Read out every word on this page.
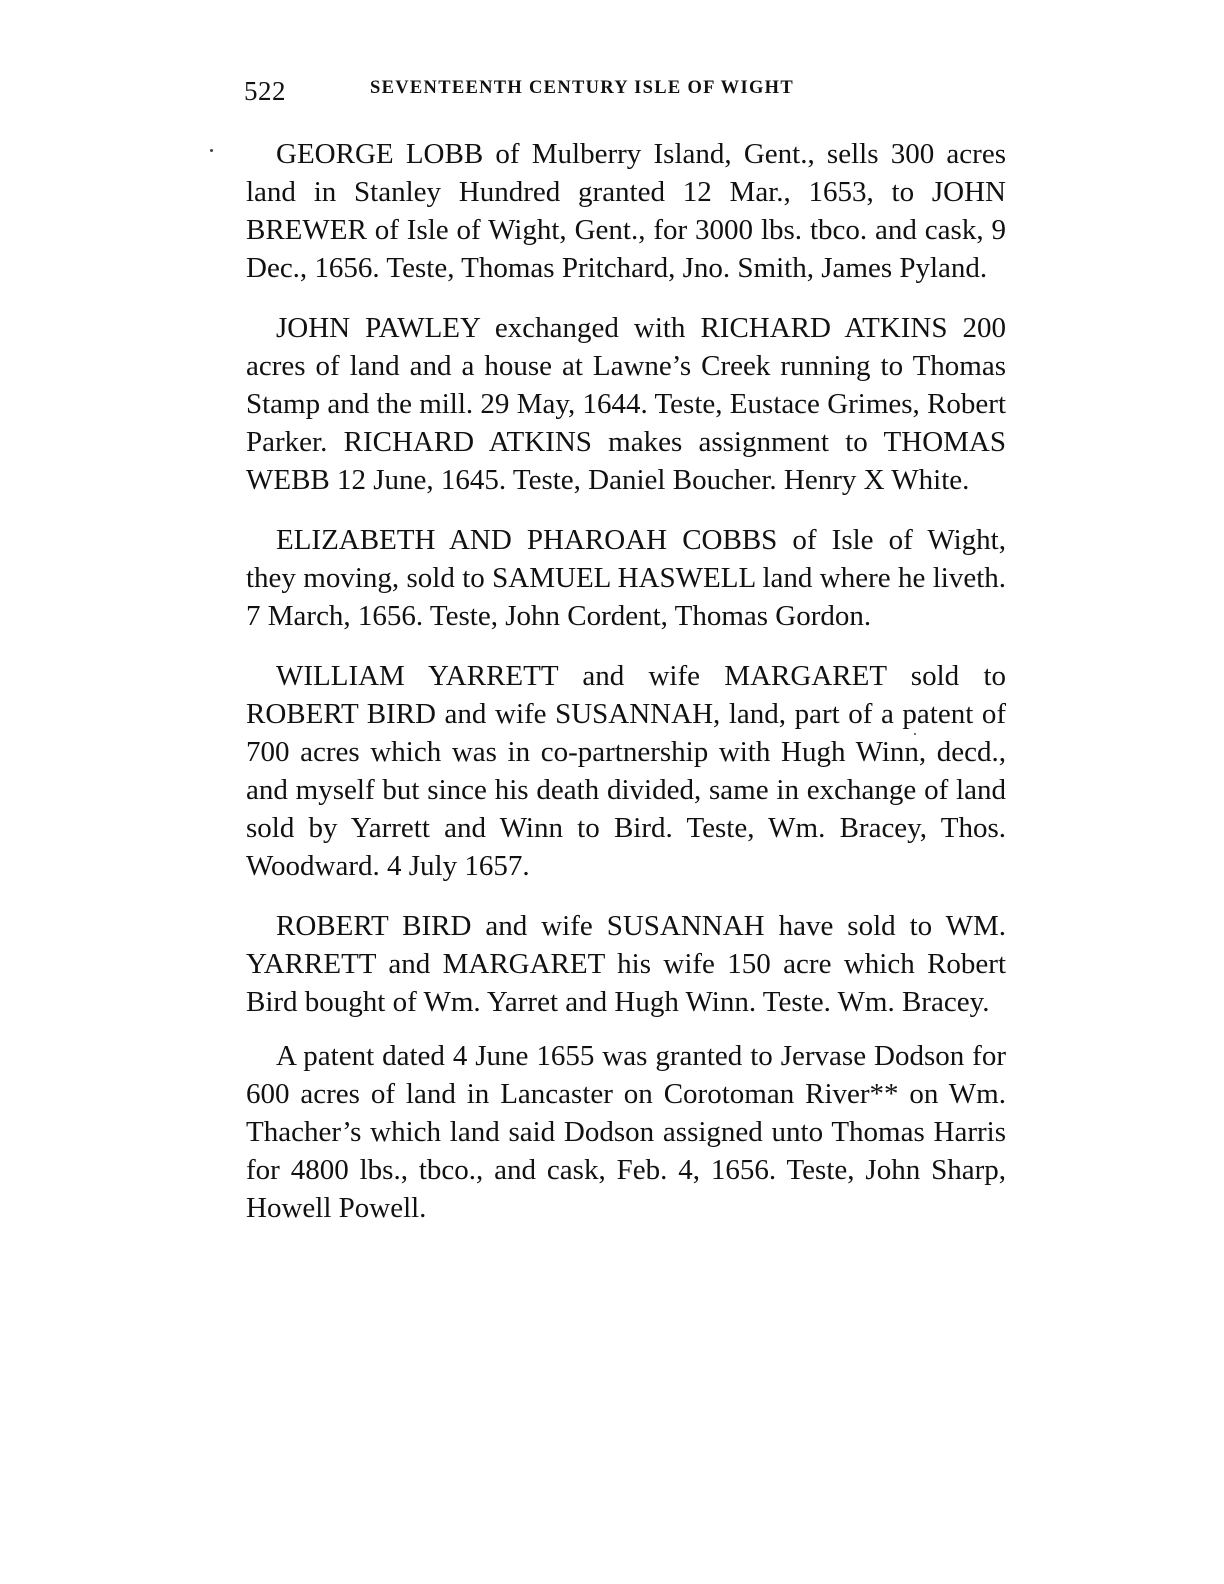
522	SEVENTEENTH CENTURY ISLE OF WIGHT

GEORGE LOBB of Mulberry Island, Gent., sells 300 acres land in Stanley Hundred granted 12 Mar., 1653, to JOHN BREWER of Isle of Wight, Gent., for 3000 lbs. tbco. and cask, 9 Dec., 1656. Teste, Thomas Pritchard, Jno. Smith, James Pyland.

JOHN PAWLEY exchanged with RICHARD ATKINS 200 acres of land and a house at Lawne’s Creek running to Thomas Stamp and the mill. 29 May, 1644. Teste, Eustace Grimes, Robert Parker. RICHARD ATKINS makes assignment to THOMAS WEBB 12 June, 1645. Teste, Daniel Boucher. Henry X White.

ELIZABETH AND PHAROAH COBBS of Isle of Wight, they moving, sold to SAMUEL HASWELL land where he liveth. 7 March, 1656. Teste, John Cordent, Thomas Gordon.

WILLIAM YARRETT and wife MARGARET sold to ROBERT BIRD and wife SUSANNAH, land, part of a patent of 700 acres which was in co-partnership with Hugh Winn, decd., and myself but since his death divided, same in exchange of land sold by Yarrett and Winn to Bird. Teste, Wm. Bracey, Thos. Woodward. 4 July 1657.

ROBERT BIRD and wife SUSANNAH have sold to WM. YARRETT and MARGARET his wife 150 acre which Robert Bird bought of Wm. Yarret and Hugh Winn. Teste. Wm. Bracey.

A patent dated 4 June 1655 was granted to Jervase Dodson for 600 acres of land in Lancaster on Corotoman River** on Wm. Thacher’s which land said Dodson assigned unto Thomas Harris for 4800 lbs., tbco., and cask, Feb. 4, 1656. Teste, John Sharp, Howell Powell.
